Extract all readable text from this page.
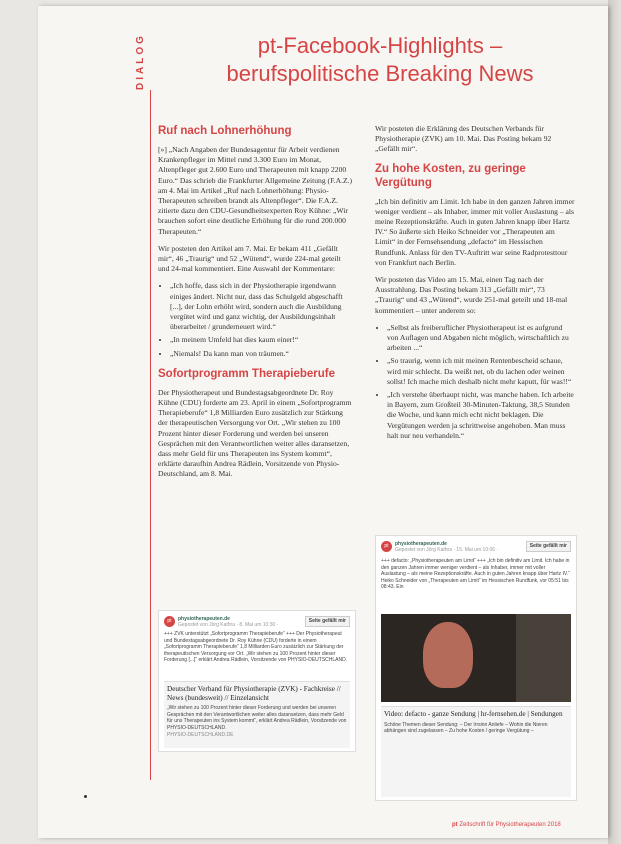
DIALOG	pt-Facebook-Highlights –
berufspolitische Breaking News
Ruf nach Lohnerhöhung

[»] „Nach Angaben der Bundesagentur für Arbeit verdienen Krankenpfleger im Mittel rund 3.300 Euro im Monat, Altenpfleger gut 2.600 Euro und Therapeuten mit knapp 2200 Euro.“ Das schrieb die Frankfurter Allgemeine Zeitung (F.A.Z.) am 4. Mai im Artikel „Ruf nach Lohnerhöhung: Physio-Therapeuten schreiben brandt als Altenpfleger“. Die F.A.Z. zitierte dazu den CDU-Gesundheitsexperten Roy Kühne: „Wir brauchen sofort eine deutliche Erhöhung für die rund 200.000 Therapeuten.“

Wir posteten den Artikel am 7. Mai. Er bekam 411 „Gefällt mir“, 46 „Traurig“ und 52 „Wütend“, wurde 224-mal geteilt und 24-mal kommentiert. Eine Auswahl der Kommentare:

• „Ich hoffe, dass sich in der Physiotherapie irgendwann einiges ändert. Nicht nur, dass das Schulgeld abgeschafft [...], der Lohn erhöht wird, sondern auch die Ausbildung vergütet wird und ganz wichtig, der Ausbildungsinhalt überarbeitet / grunderneuert wird.“
• „In meinem Umfeld hat dies kaum einer!“
• „Niemals! Da kann man von träumen.“
Sofortprogramm Therapieberufe

Der Physiotherapeut und Bundestagsabgeordnete Dr. Roy Kühne (CDU) forderte am 23. April in einem „Sofortprogramm Therapieberufe“ 1,8 Milliarden Euro zusätzlich zur Stärkung der therapeutischen Versorgung vor Ort. „Wir stehen zu 100 Prozent hinter dieser Forderung und werden bei unseren Gesprächen mit den Verantwortlichen weiter alles daransetzen, dass mehr Geld für uns Therapeuten ins System kommt“, erklärte daraufhin Andrea Rädlein, Vorsitzende von Physio-Deutschland, am 8. Mai.

pt	physiotherapeuten.de
Gepostet von Jörg Kathra · 8. Mai um 10:30 ·
Seite gefällt mir
+++ ZVK unterstützt „Sofortprogramm Therapieberufe“ +++ Der Physiotherapeut und Bundestagsabgeordnete Dr. Roy Kühne (CDU) forderte in einem „Sofortprogramm Therapieberufe“ 1,8 Milliarden Euro zusätzlich zur Stärkung der therapeutischen Versorgung vor Ort. „Wir stehen zu 100 Prozent hinter dieser Forderung [...]“ erklärt Andrea Rädlein, Vorsitzende von PHYSIO-DEUTSCHLAND.
Deutscher Verband für Physiotherapie (ZVK) - Fachkreise // News (bundesweit) // Einzelansicht
„Wir stehen zu 100 Prozent hinter dieser Forderung und werden bei unseren Gesprächen mit den Verantwortlichen weiter alles daransetzen, dass mehr Geld für uns Therapeuten ins System kommt“, erklärt Andrea Rädlein, Vorsitzende von PHYSIO-DEUTSCHLAND.
PHYSIO-DEUTSCHLAND.DE

Wir posteten die Erklärung des Deutschen Verbands für Physiotherapie (ZVK) am 10. Mai. Das Posting bekam 92 „Gefällt mir“.

Zu hohe Kosten, zu geringe Vergütung

„Ich bin definitiv am Limit. Ich habe in den ganzen Jahren immer weniger verdient – als Inhaber, immer mit voller Auslastung – als meine Rezeptionskräfte. Auch in guten Jahren knapp über Hartz IV.“ So äußerte sich Heiko Schneider vor „Therapeuten am Limit“ in der Fernsehsendung „defacto“ im Hessischen Rundfunk. Anlass für den TV-Auftritt war seine Radprotesttour von Frankfurt nach Berlin.

Wir posteten das Video am 15. Mai, einen Tag nach der Ausstrahlung. Das Posting bekam 313 „Gefällt mir“, 73 „Traurig“ und 43 „Wütend“, wurde 251-mal geteilt und 18-mal kommentiert – unter anderem so:

• „Selbst als freiberuflicher Physiotherapeut ist es aufgrund von Auflagen und Abgaben nicht möglich, wirtschaftlich zu arbeiten ...“
• „So traurig, wenn ich mit meinen Rentenbescheid schaue, wird mir schlecht. Da weißt net, ob du lachen oder weinen sollst! Ich mache mich deshalb nicht mehr kaputt, für was!!“
• „Ich verstehe überhaupt nicht, was manche haben. Ich arbeite in Bayern, zum Großteil 30-Minuten-Taktung, 38,5 Stunden die Woche, und kann mich echt nicht beklagen. Die Vergütungen werden ja schrittweise angehoben. Man muss halt nur neu verhandeln.“
pt	physiotherapeuten.de
Gepostet von Jörg Kathra · 15. Mai um 10:06 ·
Seite gefällt mir
+++ defacto: „Physiotherapeuten am Limit“ +++ „Ich bin definitiv am Limit. Ich habe in den ganzen Jahren immer weniger verdient – als Inhaber, immer mit voller Auslastung – als meine Rezeptionskräfte. Auch in guten Jahren knapp über Hartz IV.“ Heiko Schneider von „Therapeuten am Limit“ im Hessischen Rundfunk, vor 05:51 bis 08:43. Ein
Video: defacto - ganze Sendung | hr-fernsehen.de | Sendungen
Schöne Themen dieser Sendung: – Der Irrsinn Anliefe – Wohin die Nieren abhängen sind zugelassen – Zu hohe Kosten / geringe Vergütung –
pt Zeitschrift für Physiotherapeuten 2018
